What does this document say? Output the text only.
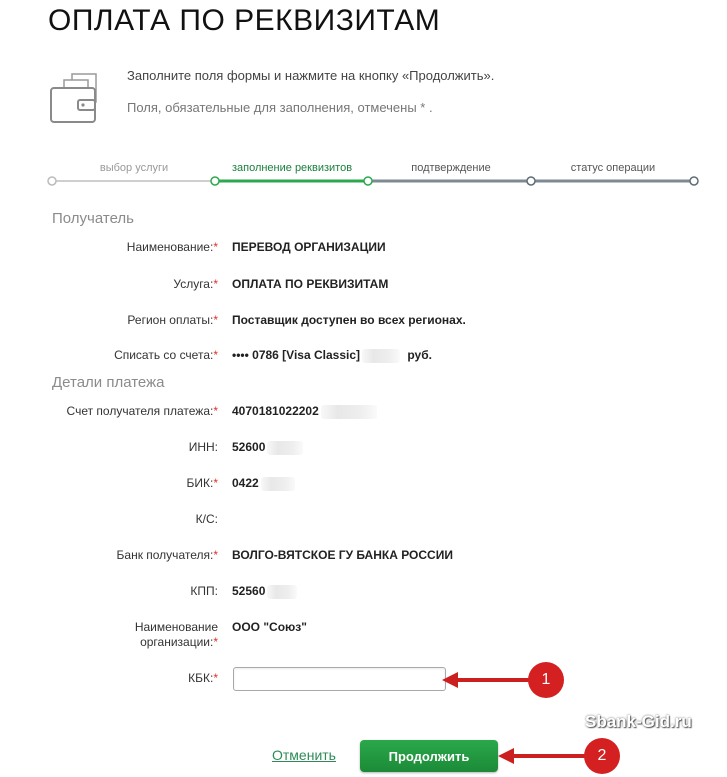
ОПЛАТА ПО РЕКВИЗИТАМ
Заполните поля формы и нажмите на кнопку «Продолжить».
Поля, обязательные для заполнения, отмечены * .
выбор услуги	заполнение реквизитов	подтверждение	статус операции
Получатель
Наименование:* ПЕРЕВОД ОРГАНИЗАЦИИ
Услуга:* ОПЛАТА ПО РЕКВИЗИТАМ
Регион оплаты:* Поставщик доступен во всех регионах.
Списать со счета:* •••• 0786 [Visa Classic]	руб.
Детали платежа
Счет получателя платежа:* 4070181022202
ИНН: 52600
БИК:* 0422
К/С:
Банк получателя:* ВОЛГО-ВЯТСКОЕ ГУ БАНКА РОССИИ
КПП: 52560
Наименование
организации:*
ООО "Союз"
КБК:*	1
Отменить	Продолжить	2
Sbank-Gid.ru
